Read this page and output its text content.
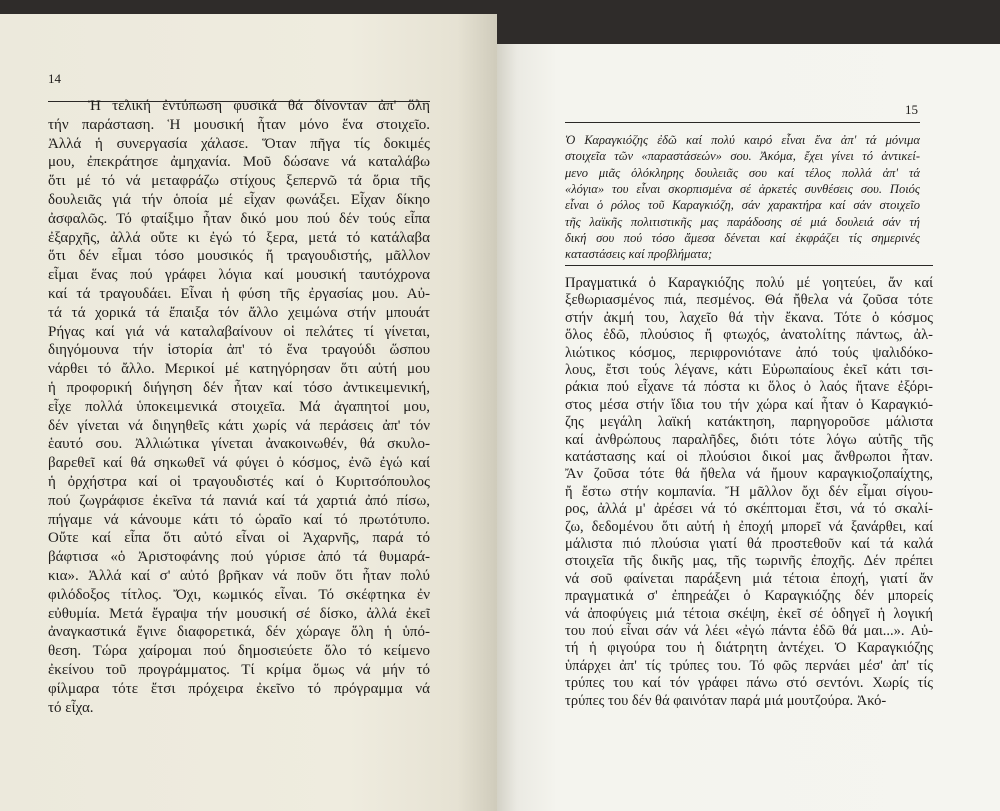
14
Ἡ τελική ἐντύπωση φυσικά θά δίνονταν ἀπ' ὅλη
τήν παράσταση. Ἡ μουσική ἦταν μόνο ἕνα στοιχεῖο.
Ἀλλά ἡ συνεργασία χάλασε. Ὅταν πῆγα τίς δοκιμές
μου, ἐπεκράτησε ἀμηχανία. Μοῦ δώσανε νά καταλάβω
ὅτι μέ τό νά μεταφράζω στίχους ξεπερνῶ τά ὅρια τῆς
δουλειᾶς γιά τήν ὁποία μέ εἶχαν φωνάξει. Εἶχαν δίκηο
ἀσφαλῶς. Τό φταίξιμο ἦταν δικό μου πού δέν τούς εἶπα
ἐξαρχῆς, ἀλλά οὔτε κι ἐγώ τό ξερα, μετά τό κατάλαβα
ὅτι δέν εἶμαι τόσο μουσικός ἤ τραγουδιστής, μᾶλλον
εἶμαι ἕνας πού γράφει λόγια καί μουσική ταυτόχρονα
καί τά τραγουδάει. Εἶναι ἡ φύση τῆς ἐργασίας μου. Αὐ-
τά τά χορικά τά ἔπαιξα τόν ἄλλο χειμώνα στήν μπουάτ
Ρήγας καί γιά νά καταλαβαίνουν οἱ πελάτες τί γίνεται,
διηγόμουνα τήν ἱστορία ἀπ' τό ἕνα τραγούδι ὥσπου
νάρθει τό ἄλλο. Μερικοί μέ κατηγόρησαν ὅτι αὐτή μου
ἡ προφορική διήγηση δέν ἦταν καί τόσο ἀντικειμενική,
εἶχε πολλά ὑποκειμενικά στοιχεῖα. Μά ἀγαπητοί μου,
δέν γίνεται νά διηγηθεῖς κάτι χωρίς νά περάσεις ἀπ' τόν
ἑαυτό σου. Ἀλλιώτικα γίνεται ἀνακοινωθέν, θά σκυλο-
βαρεθεῖ καί θά σηκωθεῖ νά φύγει ὁ κόσμος, ἐνῶ ἐγώ καί
ἡ ὀρχήστρα καί οἱ τραγουδιστές καί ὁ Κυριτσόπουλος
πού ζωγράφισε ἐκεῖνα τά πανιά καί τά χαρτιά ἀπό πίσω,
πήγαμε νά κάνουμε κάτι τό ὡραῖο καί τό πρωτότυπο.
Οὔτε καί εἶπα ὅτι αὐτό εἶναι οἱ Ἀχαρνῆς, παρά τό
βάφτισα «ὁ Ἀριστοφάνης πού γύρισε ἀπό τά θυμαρά-
κια». Ἀλλά καί σ' αὐτό βρῆκαν νά ποῦν ὅτι ἦταν πολύ
φιλόδοξος τίτλος. Ὄχι, κωμικός εἶναι. Τό σκέφτηκα ἐν
εὐθυμία. Μετά ἔγραψα τήν μουσική σέ δίσκο, ἀλλά ἐκεῖ
ἀναγκαστικά ἔγινε διαφορετικά, δέν χώραγε ὅλη ἡ ὑπό-
θεση. Τώρα χαίρομαι πού δημοσιεύετε ὅλο τό κείμενο
ἐκείνου τοῦ προγράμματος. Τί κρίμα ὅμως νά μήν τό
φίλμαρα τότε ἔτσι πρόχειρα ἐκεῖνο τό πρόγραμμα νά
τό εἶχα.
15
Ὁ Καραγκιόζης ἐδῶ καί πολύ καιρό εἶναι ἕνα ἀπ' τά μόνιμα
στοιχεῖα τῶν «παραστάσεών» σου. Ἀκόμα, ἔχει γίνει τό ἀντικεί-
μενο μιᾶς ὁλόκληρης δουλειᾶς σου καί τέλος πολλά ἀπ' τά
«λόγια» του εἶναι σκορπισμένα σέ ἀρκετές συνθέσεις σου. Ποιός
εἶναι ὁ ρόλος τοῦ Καραγκιόζη, σάν χαρακτήρα καί σάν στοιχεῖο
τῆς λαϊκῆς πολιτιστικῆς μας παράδοσης σέ μιά δουλειά σάν τή
δική σου πού τόσο ἄμεσα δένεται καί ἐκφράζει τίς σημερινές
καταστάσεις καί προβλήματα;
Πραγματικά ὁ Καραγκιόζης πολύ μέ γοητεύει, ἄν καί
ξεθωριασμένος πιά, πεσμένος. Θά ἤθελα νά ζοῦσα τότε
στήν ἀκμή του, λαχεῖο θά τὴν ἔκανα. Τότε ὁ κόσμος
ὅλος ἐδῶ, πλούσιος ἤ φτωχός, ἀνατολίτης πάντως, ἀλ-
λιώτικος κόσμος, περιφρονιότανε ἀπό τούς ψαλιδόκο-
λους, ἔτσι τούς λέγανε, κάτι Εὐρωπαίους ἐκεῖ κάτι τσι-
ράκια πού εἶχανε τά πόστα κι ὅλος ὁ λαός ἤτανε ἐξόρι-
στος μέσα στήν ἴδια του τήν χώρα καί ἦταν ὁ Καραγκιό-
ζης μεγάλη λαϊκή κατάκτηση, παρηγοροῦσε μάλιστα
καί ἀνθρώπους παραλῆδες, διότι τότε λόγω αὐτῆς τῆς
κατάστασης καί οἱ πλούσιοι δικοί μας ἄνθρωποι ἦταν.
Ἄν ζοῦσα τότε θά ἤθελα νά ἤμουν καραγκιοζοπαίχτης,
ἤ ἔστω στήν κομπανία. Ἤ μᾶλλον ὄχι δέν εἶμαι σίγου-
ρος, ἀλλά μ' ἀρέσει νά τό σκέπτομαι ἔτσι, νά τό σκαλί-
ζω, δεδομένου ὅτι αὐτή ἡ ἐποχή μπορεῖ νά ξανάρθει, καί
μάλιστα πιό πλούσια γιατί θά προστεθοῦν καί τά καλά
στοιχεῖα τῆς δικῆς μας, τῆς τωρινῆς ἐποχῆς. Δέν πρέπει
νά σοῦ φαίνεται παράξενη μιά τέτοια ἐποχή, γιατί ἄν
πραγματικά σ' ἐπηρεάζει ὁ Καραγκιόζης δέν μπορείς
νά ἀποφύγεις μιά τέτοια σκέψη, ἐκεῖ σέ ὁδηγεῖ ἡ λογική
του πού εἶναι σάν νά λέει «ἐγώ πάντα ἐδῶ θά μαι...». Αὐ-
τή ἡ φιγούρα του ἡ διάτρητη ἀντέχει. Ὁ Καραγκιόζης
ὑπάρχει ἀπ' τίς τρύπες του. Τό φῶς περνάει μέσ' ἀπ' τίς
τρύπες του καί τόν γράφει πάνω στό σεντόνι. Χωρίς τίς
τρύπες του δέν θά φαινόταν παρά μιά μουτζούρα. Ἀκό-
